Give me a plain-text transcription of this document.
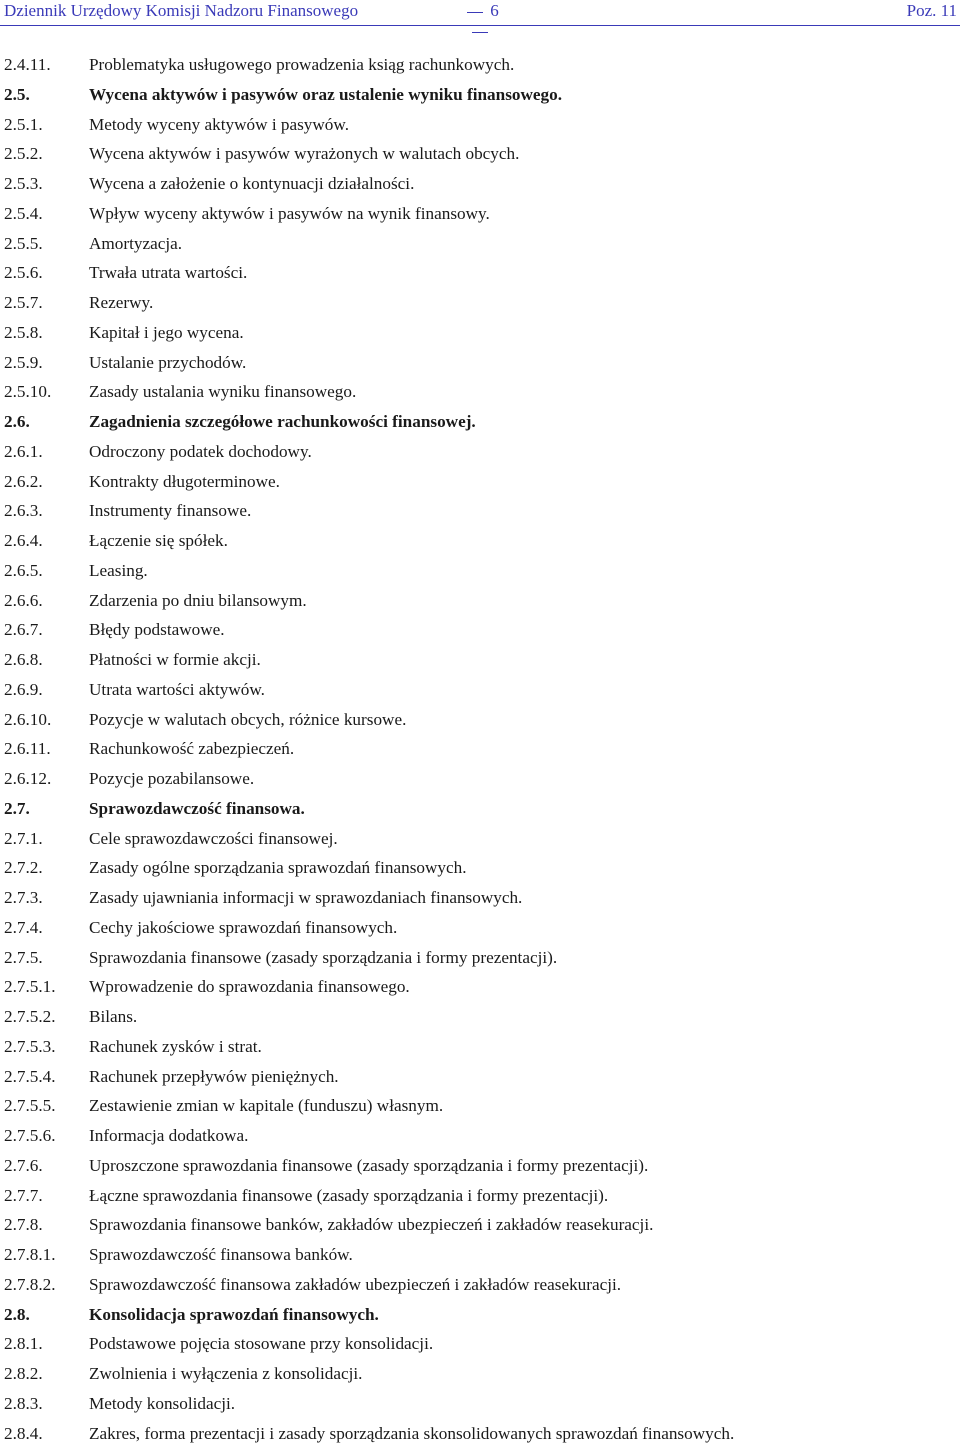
Dziennik Urzędowy Komisji Nadzoru Finansowego	6	Poz. 11
2.4.11. Problematyka usługowego prowadzenia ksiąg rachunkowych.
2.5.	Wycena aktywów i pasywów oraz ustalenie wyniku finansowego.
2.5.1.	Metody wyceny aktywów i pasywów.
2.5.2.	Wycena aktywów i pasywów wyrażonych w walutach obcych.
2.5.3.	Wycena a założenie o kontynuacji działalności.
2.5.4.	Wpływ wyceny aktywów i pasywów na wynik finansowy.
2.5.5.	Amortyzacja.
2.5.6.	Trwała utrata wartości.
2.5.7.	Rezerwy.
2.5.8.	Kapitał i jego wycena.
2.5.9.	Ustalanie przychodów.
2.5.10. Zasady ustalania wyniku finansowego.
2.6.	Zagadnienia szczegółowe rachunkowości finansowej.
2.6.1.	Odroczony podatek dochodowy.
2.6.2.	Kontrakty długoterminowe.
2.6.3.	Instrumenty finansowe.
2.6.4.	Łączenie się spółek.
2.6.5.	Leasing.
2.6.6.	Zdarzenia po dniu bilansowym.
2.6.7.	Błędy podstawowe.
2.6.8.	Płatności w formie akcji.
2.6.9.	Utrata wartości aktywów.
2.6.10. Pozycje w walutach obcych, różnice kursowe.
2.6.11. Rachunkowość zabezpieczeń.
2.6.12. Pozycje pozabilansowe.
2.7.	Sprawozdawczość finansowa.
2.7.1.	Cele sprawozdawczości finansowej.
2.7.2.	Zasady ogólne sporządzania sprawozdań finansowych.
2.7.3.	Zasady ujawniania informacji w sprawozdaniach finansowych.
2.7.4.	Cechy jakościowe sprawozdań finansowych.
2.7.5.	Sprawozdania finansowe (zasady sporządzania i formy prezentacji).
2.7.5.1. Wprowadzenie do sprawozdania finansowego.
2.7.5.2. Bilans.
2.7.5.3. Rachunek zysków i strat.
2.7.5.4. Rachunek przepływów pieniężnych.
2.7.5.5. Zestawienie zmian w kapitale (funduszu) własnym.
2.7.5.6. Informacja dodatkowa.
2.7.6.	Uproszczone sprawozdania finansowe (zasady sporządzania i formy prezentacji).
2.7.7.	Łączne sprawozdania finansowe (zasady sporządzania i formy prezentacji).
2.7.8.	Sprawozdania finansowe banków, zakładów ubezpieczeń i zakładów reasekuracji.
2.7.8.1. Sprawozdawczość finansowa banków.
2.7.8.2. Sprawozdawczość finansowa zakładów ubezpieczeń i zakładów reasekuracji.
2.8.	Konsolidacja sprawozdań finansowych.
2.8.1.	Podstawowe pojęcia stosowane przy konsolidacji.
2.8.2.	Zwolnienia i wyłączenia z konsolidacji.
2.8.3.	Metody konsolidacji.
2.8.4.	Zakres, forma prezentacji i zasady sporządzania skonsolidowanych sprawozdań finansowych.
